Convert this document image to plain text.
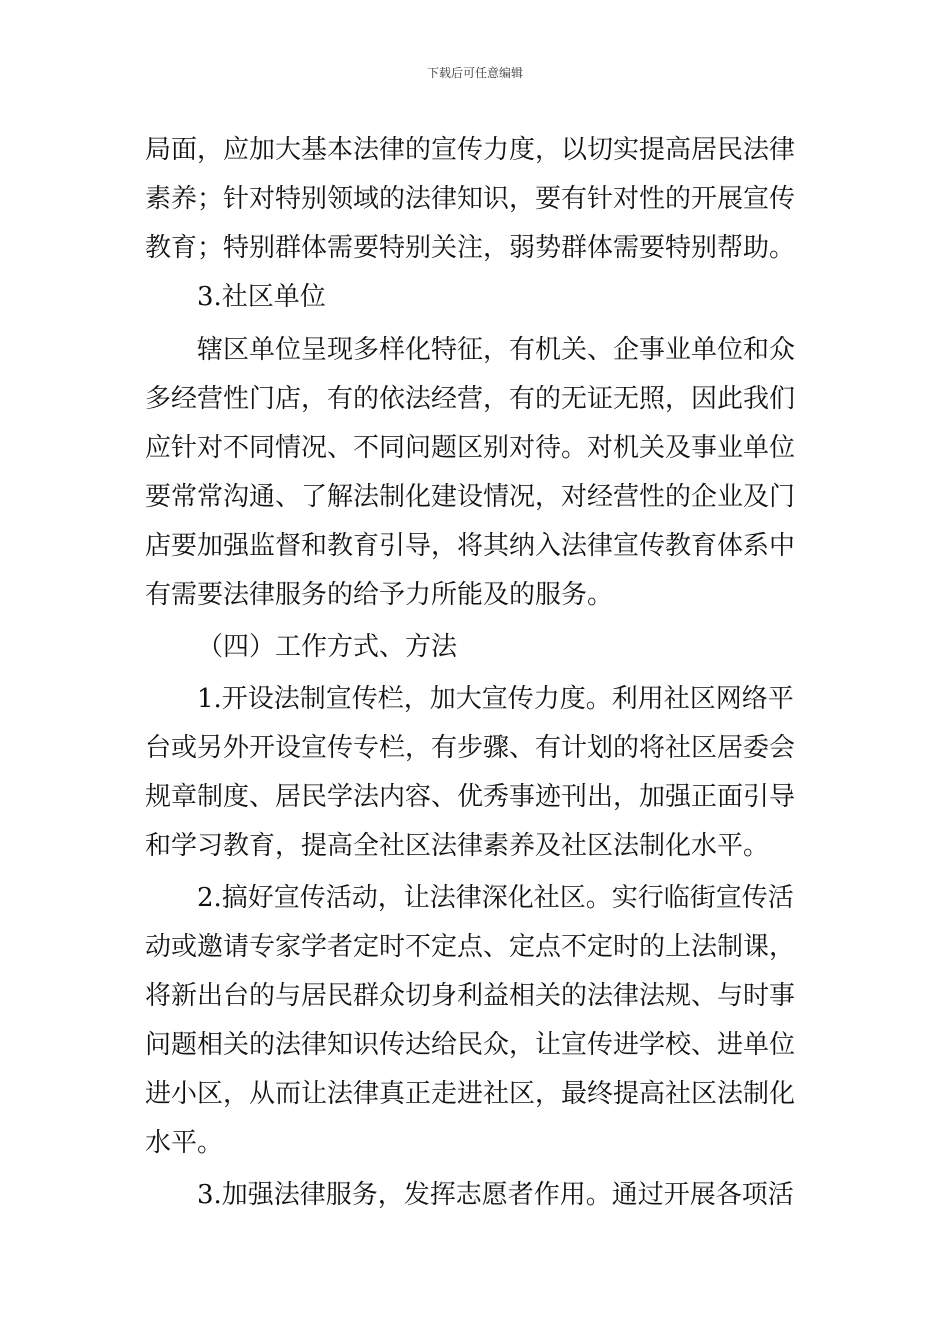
下载后可任意编辑
局面，应加大基本法律的宣传力度，以切实提高居民法律
素养；针对特别领域的法律知识，要有针对性的开展宣传
教育；特别群体需要特别关注，弱势群体需要特别帮助。
3.社区单位
辖区单位呈现多样化特征，有机关、企事业单位和众
多经营性门店，有的依法经营，有的无证无照，因此我们
应针对不同情况、不同问题区别对待。对机关及事业单位
要常常沟通、了解法制化建设情况，对经营性的企业及门
店要加强监督和教育引导，将其纳入法律宣传教育体系中
有需要法律服务的给予力所能及的服务。
（四）工作方式、方法
1.开设法制宣传栏，加大宣传力度。利用社区网络平
台或另外开设宣传专栏，有步骤、有计划的将社区居委会
规章制度、居民学法内容、优秀事迹刊出，加强正面引导
和学习教育，提高全社区法律素养及社区法制化水平。
2.搞好宣传活动，让法律深化社区。实行临街宣传活
动或邀请专家学者定时不定点、定点不定时的上法制课，
将新出台的与居民群众切身利益相关的法律法规、与时事
问题相关的法律知识传达给民众，让宣传进学校、进单位
进小区，从而让法律真正走进社区，最终提高社区法制化
水平。
3.加强法律服务，发挥志愿者作用。通过开展各项活
